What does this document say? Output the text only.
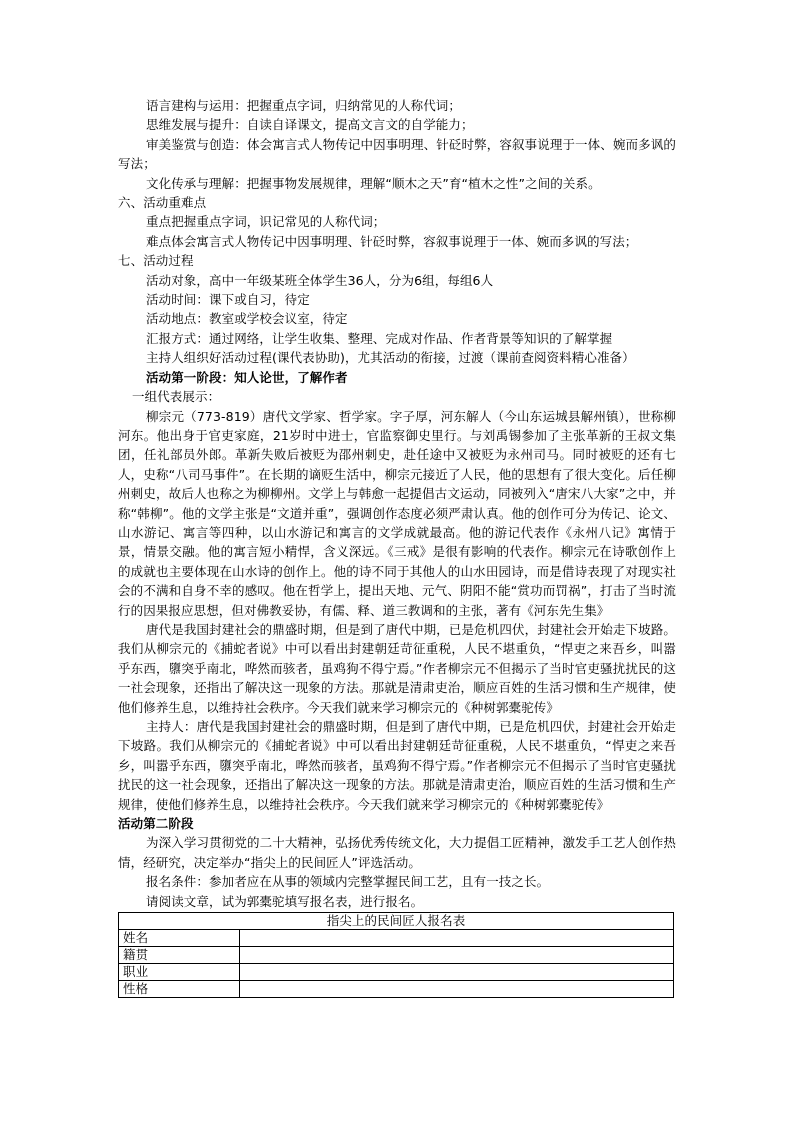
语言建构与运用：把握重点字词，归纳常见的人称代词；

思维发展与提升：自读自译课文，提高文言文的自学能力；

审美鉴赏与创造：体会寓言式人物传记中因事明理、针砭时弊，容叙事说理于一体、婉而多讽的写法；

文化传承与理解：把握事物发展规律，理解“顺木之天”育“植木之性”之间的关系。

六、活动重难点

重点把握重点字词，识记常见的人称代词；

难点体会寓言式人物传记中因事明理、针砭时弊，容叙事说理于一体、婉而多讽的写法；

七、活动过程

活动对象，高中一年级某班全体学生36人，分为6组，每组6人

活动时间：课下或自习，待定

活动地点：教室或学校会议室，待定

汇报方式：通过网络，让学生收集、整理、完成对作品、作者背景等知识的了解掌握

主持人组织好活动过程(课代表协助)，尤其活动的衔接，过渡（课前查阅资料精心准备）

活动第一阶段：知人论世，了解作者

一组代表展示：

柳宗元（773-819）唐代文学家、哲学家。字子厚，河东解人（今山东运城县解州镇），世称柳河东。他出身于官吏家庭，21岁时中进士，官监察御史里行。与刘禹锡参加了主张革新的王叔文集团，任礼部员外郎。革新失败后被贬为邵州刺史，赴任途中又被贬为永州司马。同时被贬的还有七人，史称“八司马事件”。在长期的谪贬生活中，柳宗元接近了人民，他的思想有了很大变化。后任柳州刺史，故后人也称之为柳柳州。文学上与韩愈一起提倡古文运动，同被列入“唐宋八大家”之中，并称“韩柳”。他的文学主张是“文道并重”，强调创作态度必须严肃认真。他的创作可分为传记、论文、山水游记、寓言等四种，以山水游记和寓言的文学成就最高。他的游记代表作《永州八记》寓情于景，情景交融。他的寓言短小精悍，含义深远。《三戒》是很有影响的代表作。柳宗元在诗歌创作上的成就也主要体现在山水诗的创作上。他的诗不同于其他人的山水田园诗，而是借诗表现了对现实社会的不满和自身不幸的感叹。他在哲学上，提出天地、元气、阴阳不能“赏功而罚祸”，打击了当时流行的因果报应思想，但对佛教妥协，有儒、释、道三教调和的主张，著有《河东先生集》

唐代是我国封建社会的鼎盛时期，但是到了唐代中期，已是危机四伏，封建社会开始走下坡路。我们从柳宗元的《捕蛇者说》中可以看出封建朝廷苛征重税，人民不堪重负，“悍吏之来吾乡，叫嚣乎东西，隳突乎南北，哗然而骇者，虽鸡狗不得宁焉。”作者柳宗元不但揭示了当时官吏骚扰扰民的这一社会现象，还指出了解决这一现象的方法。那就是清肃吏治，顺应百姓的生活习惯和生产规律，使他们修养生息，以维持社会秩序。今天我们就来学习柳宗元的《种树郭橐驼传》

主持人：唐代是我国封建社会的鼎盛时期，但是到了唐代中期，已是危机四伏，封建社会开始走下坡路。我们从柳宗元的《捕蛇者说》中可以看出封建朝廷苛征重税，人民不堪重负，“悍吏之来吾乡，叫嚣乎东西，隳突乎南北，哗然而骇者，虽鸡狗不得宁焉。”作者柳宗元不但揭示了当时官吏骚扰扰民的这一社会现象，还指出了解决这一现象的方法。那就是清肃吏治，顺应百姓的生活习惯和生产规律，使他们修养生息，以维持社会秩序。今天我们就来学习柳宗元的《种树郭橐驼传》

活动第二阶段

为深入学习贯彻党的二十大精神，弘扬优秀传统文化，大力提倡工匠精神，激发手工艺人创作热情，经研究，决定举办“指尖上的民间匠人”评选活动。

报名条件：参加者应在从事的领域内完整掌握民间工艺，且有一技之长。

请阅读文章，试为郭橐驼填写报名表，进行报名。

指尖上的民间匠人报名表	
姓名	
籍贯	
职业	
性格	
